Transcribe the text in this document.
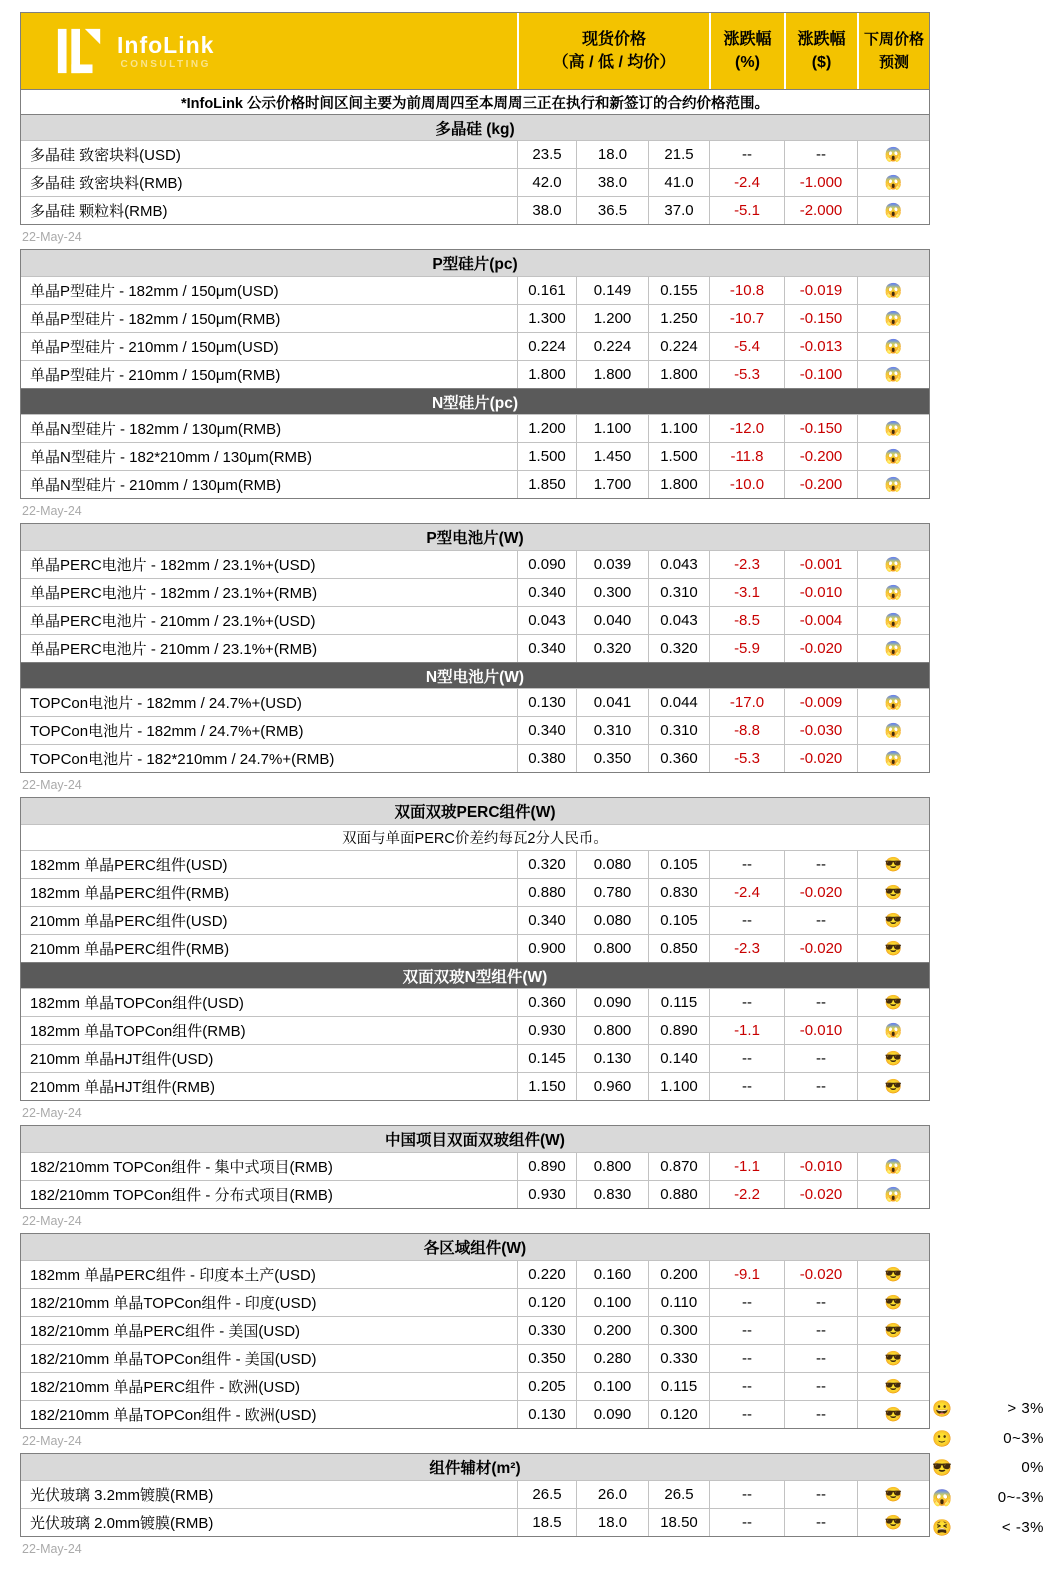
InfoLink
CONSULTING
现货价格
（高 / 低 / 均价）
涨跌幅
(%)
涨跌幅
($)
下周价格
预测
*InfoLink 公示价格时间区间主要为前周周四至本周周三正在执行和新签订的合约价格范围。
多晶硅 (kg)
多晶硅 致密块料(USD)	23.5	18.0	21.5	--	--	😱
多晶硅 致密块料(RMB)	42.0	38.0	41.0	-2.4	-1.000	😱
多晶硅 颗粒料(RMB)	38.0	36.5	37.0	-5.1	-2.000	😱
22-May-24
P型硅片(pc)
单晶P型硅片 - 182mm / 150μm(USD)	0.161	0.149	0.155	-10.8	-0.019	😱
单晶P型硅片 - 182mm / 150μm(RMB)	1.300	1.200	1.250	-10.7	-0.150	😱
单晶P型硅片 - 210mm / 150μm(USD)	0.224	0.224	0.224	-5.4	-0.013	😱
单晶P型硅片 - 210mm / 150μm(RMB)	1.800	1.800	1.800	-5.3	-0.100	😱
N型硅片(pc)
单晶N型硅片 - 182mm / 130μm(RMB)	1.200	1.100	1.100	-12.0	-0.150	😱
单晶N型硅片 - 182*210mm / 130μm(RMB)	1.500	1.450	1.500	-11.8	-0.200	😱
单晶N型硅片 - 210mm / 130μm(RMB)	1.850	1.700	1.800	-10.0	-0.200	😱
22-May-24
P型电池片(W)
单晶PERC电池片 - 182mm / 23.1%+(USD)	0.090	0.039	0.043	-2.3	-0.001	😱
单晶PERC电池片 - 182mm / 23.1%+(RMB)	0.340	0.300	0.310	-3.1	-0.010	😱
单晶PERC电池片 - 210mm / 23.1%+(USD)	0.043	0.040	0.043	-8.5	-0.004	😱
单晶PERC电池片 - 210mm / 23.1%+(RMB)	0.340	0.320	0.320	-5.9	-0.020	😱
N型电池片(W)
TOPCon电池片 - 182mm / 24.7%+(USD)	0.130	0.041	0.044	-17.0	-0.009	😱
TOPCon电池片 - 182mm / 24.7%+(RMB)	0.340	0.310	0.310	-8.8	-0.030	😱
TOPCon电池片 - 182*210mm / 24.7%+(RMB)	0.380	0.350	0.360	-5.3	-0.020	😱
22-May-24
双面双玻PERC组件(W)
双面与单面PERC价差约每瓦2分人民币。
182mm 单晶PERC组件(USD)	0.320	0.080	0.105	--	--	😎
182mm 单晶PERC组件(RMB)	0.880	0.780	0.830	-2.4	-0.020	😎
210mm 单晶PERC组件(USD)	0.340	0.080	0.105	--	--	😎
210mm 单晶PERC组件(RMB)	0.900	0.800	0.850	-2.3	-0.020	😎
双面双玻N型组件(W)
182mm 单晶TOPCon组件(USD)	0.360	0.090	0.115	--	--	😎
182mm 单晶TOPCon组件(RMB)	0.930	0.800	0.890	-1.1	-0.010	😱
210mm 单晶HJT组件(USD)	0.145	0.130	0.140	--	--	😎
210mm 单晶HJT组件(RMB)	1.150	0.960	1.100	--	--	😎
22-May-24
中国项目双面双玻组件(W)
182/210mm TOPCon组件 - 集中式项目(RMB)	0.890	0.800	0.870	-1.1	-0.010	😱
182/210mm TOPCon组件 - 分布式项目(RMB)	0.930	0.830	0.880	-2.2	-0.020	😱
22-May-24
各区域组件(W)
182mm 单晶PERC组件 - 印度本土产(USD)	0.220	0.160	0.200	-9.1	-0.020	😎
182/210mm 单晶TOPCon组件 - 印度(USD)	0.120	0.100	0.110	--	--	😎
182/210mm 单晶PERC组件 - 美国(USD)	0.330	0.200	0.300	--	--	😎
182/210mm 单晶TOPCon组件 - 美国(USD)	0.350	0.280	0.330	--	--	😎
182/210mm 单晶PERC组件 - 欧洲(USD)	0.205	0.100	0.115	--	--	😎
182/210mm 单晶TOPCon组件 - 欧洲(USD)	0.130	0.090	0.120	--	--	😎
22-May-24
组件辅材(m²)
光伏玻璃 3.2mm镀膜(RMB)	26.5	26.0	26.5	--	--	😎
光伏玻璃 2.0mm镀膜(RMB)	18.5	18.0	18.50	--	--	😎
22-May-24
😀	> 3%
🙂	0~3%
😎	0%
😱	0~-3%
😫	< -3%
